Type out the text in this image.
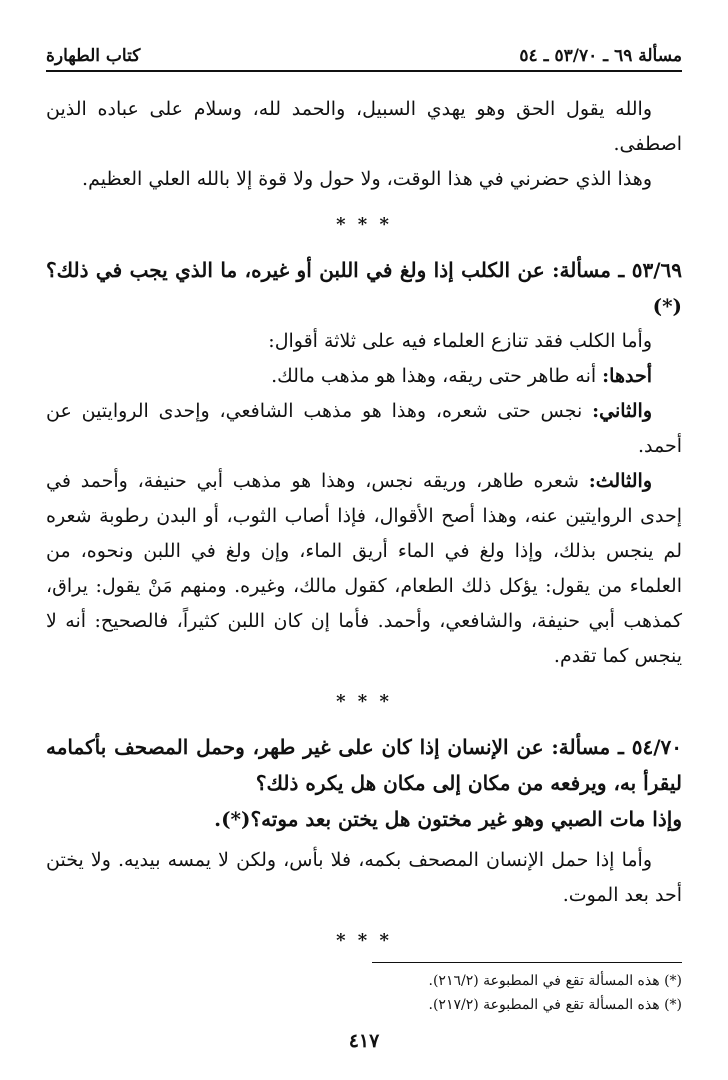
مسألة ٦٩ ـ ٥٣/٧٠ ـ ٥٤
كتاب الطهارة

والله يقول الحق وهو يهدي السبيل، والحمد لله، وسلام على عباده الذين اصطفى.

وهذا الذي حضرني في هذا الوقت، ولا حول ولا قوة إلا بالله العلي العظيم.

* * *

٥٣/٦٩ ـ مسألة: عن الكلب إذا ولغ في اللبن أو غيره، ما الذي يجب في ذلك؟(*)

وأما الكلب فقد تنازع العلماء فيه على ثلاثة أقوال:

أحدها: أنه طاهر حتى ريقه، وهذا هو مذهب مالك.

والثاني: نجس حتى شعره، وهذا هو مذهب الشافعي، وإحدى الروايتين عن أحمد.

والثالث: شعره طاهر، وريقه نجس، وهذا هو مذهب أبي حنيفة، وأحمد في إحدى الروايتين عنه، وهذا أصح الأقوال، فإذا أصاب الثوب، أو البدن رطوبة شعره لم ينجس بذلك، وإذا ولغ في الماء أريق الماء، وإن ولغ في اللبن ونحوه، من العلماء من يقول: يؤكل ذلك الطعام، كقول مالك، وغيره. ومنهم مَنْ يقول: يراق، كمذهب أبي حنيفة، والشافعي، وأحمد. فأما إن كان اللبن كثيراً، فالصحيح: أنه لا ينجس كما تقدم.

* * *

٥٤/٧٠ ـ مسألة: عن الإنسان إذا كان على غير طهر، وحمل المصحف بأكمامه ليقرأ به، ويرفعه من مكان إلى مكان هل يكره ذلك؟

وإذا مات الصبي وهو غير مختون هل يختن بعد موته؟(*).

وأما إذا حمل الإنسان المصحف بكمه، فلا بأس، ولكن لا يمسه بيديه. ولا يختن أحد بعد الموت.

* * *

(*) هذه المسألة تقع في المطبوعة (٢١٦/٢).

(*) هذه المسألة تقع في المطبوعة (٢١٧/٢).

٤١٧
